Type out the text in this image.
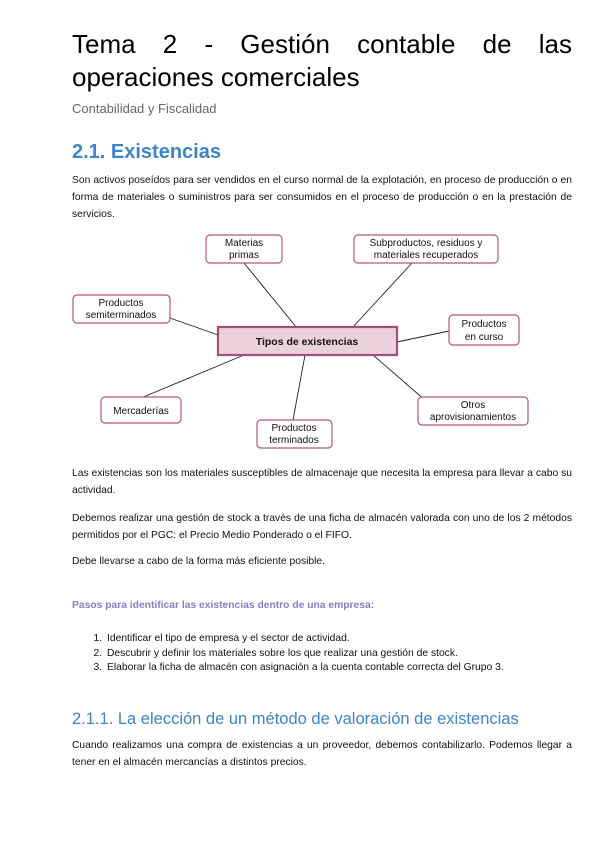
Tema 2 - Gestión contable de las operaciones comerciales
Contabilidad y Fiscalidad
2.1. Existencias

Son activos poseídos para ser vendidos en el curso normal de la explotación, en proceso de producción o en forma de materiales o suministros para ser consumidos en el proceso de producción o en la prestación de servicios.

Tipos de existencias
Materias
primas
Subproductos, residuos y
materiales recuperados
Productos
semiterminados
Productos
en curso
Mercaderías
Productos
terminados
Otros
aprovisionamientos

Las existencias son los materiales susceptibles de almacenaje que necesita la empresa para llevar a cabo su actividad.

Debemos realizar una gestión de stock a través de una ficha de almacén valorada con uno de los 2 métodos permitidos por el PGC: el Precio Medio Ponderado o el FIFO.

Debe llevarse a cabo de la forma más eficiente posible.

Pasos para identificar las existencias dentro de una empresa:
1. Identificar el tipo de empresa y el sector de actividad.
2. Descubrir y definir los materiales sobre los que realizar una gestión de stock.
3. Elaborar la ficha de almacén con asignación a la cuenta contable correcta del Grupo 3.
2.1.1. La elección de un método de valoración de existencias

Cuando realizamos una compra de existencias a un proveedor, debemos contabilizarlo. Podemos llegar a tener en el almacén mercancías a distintos precios.
